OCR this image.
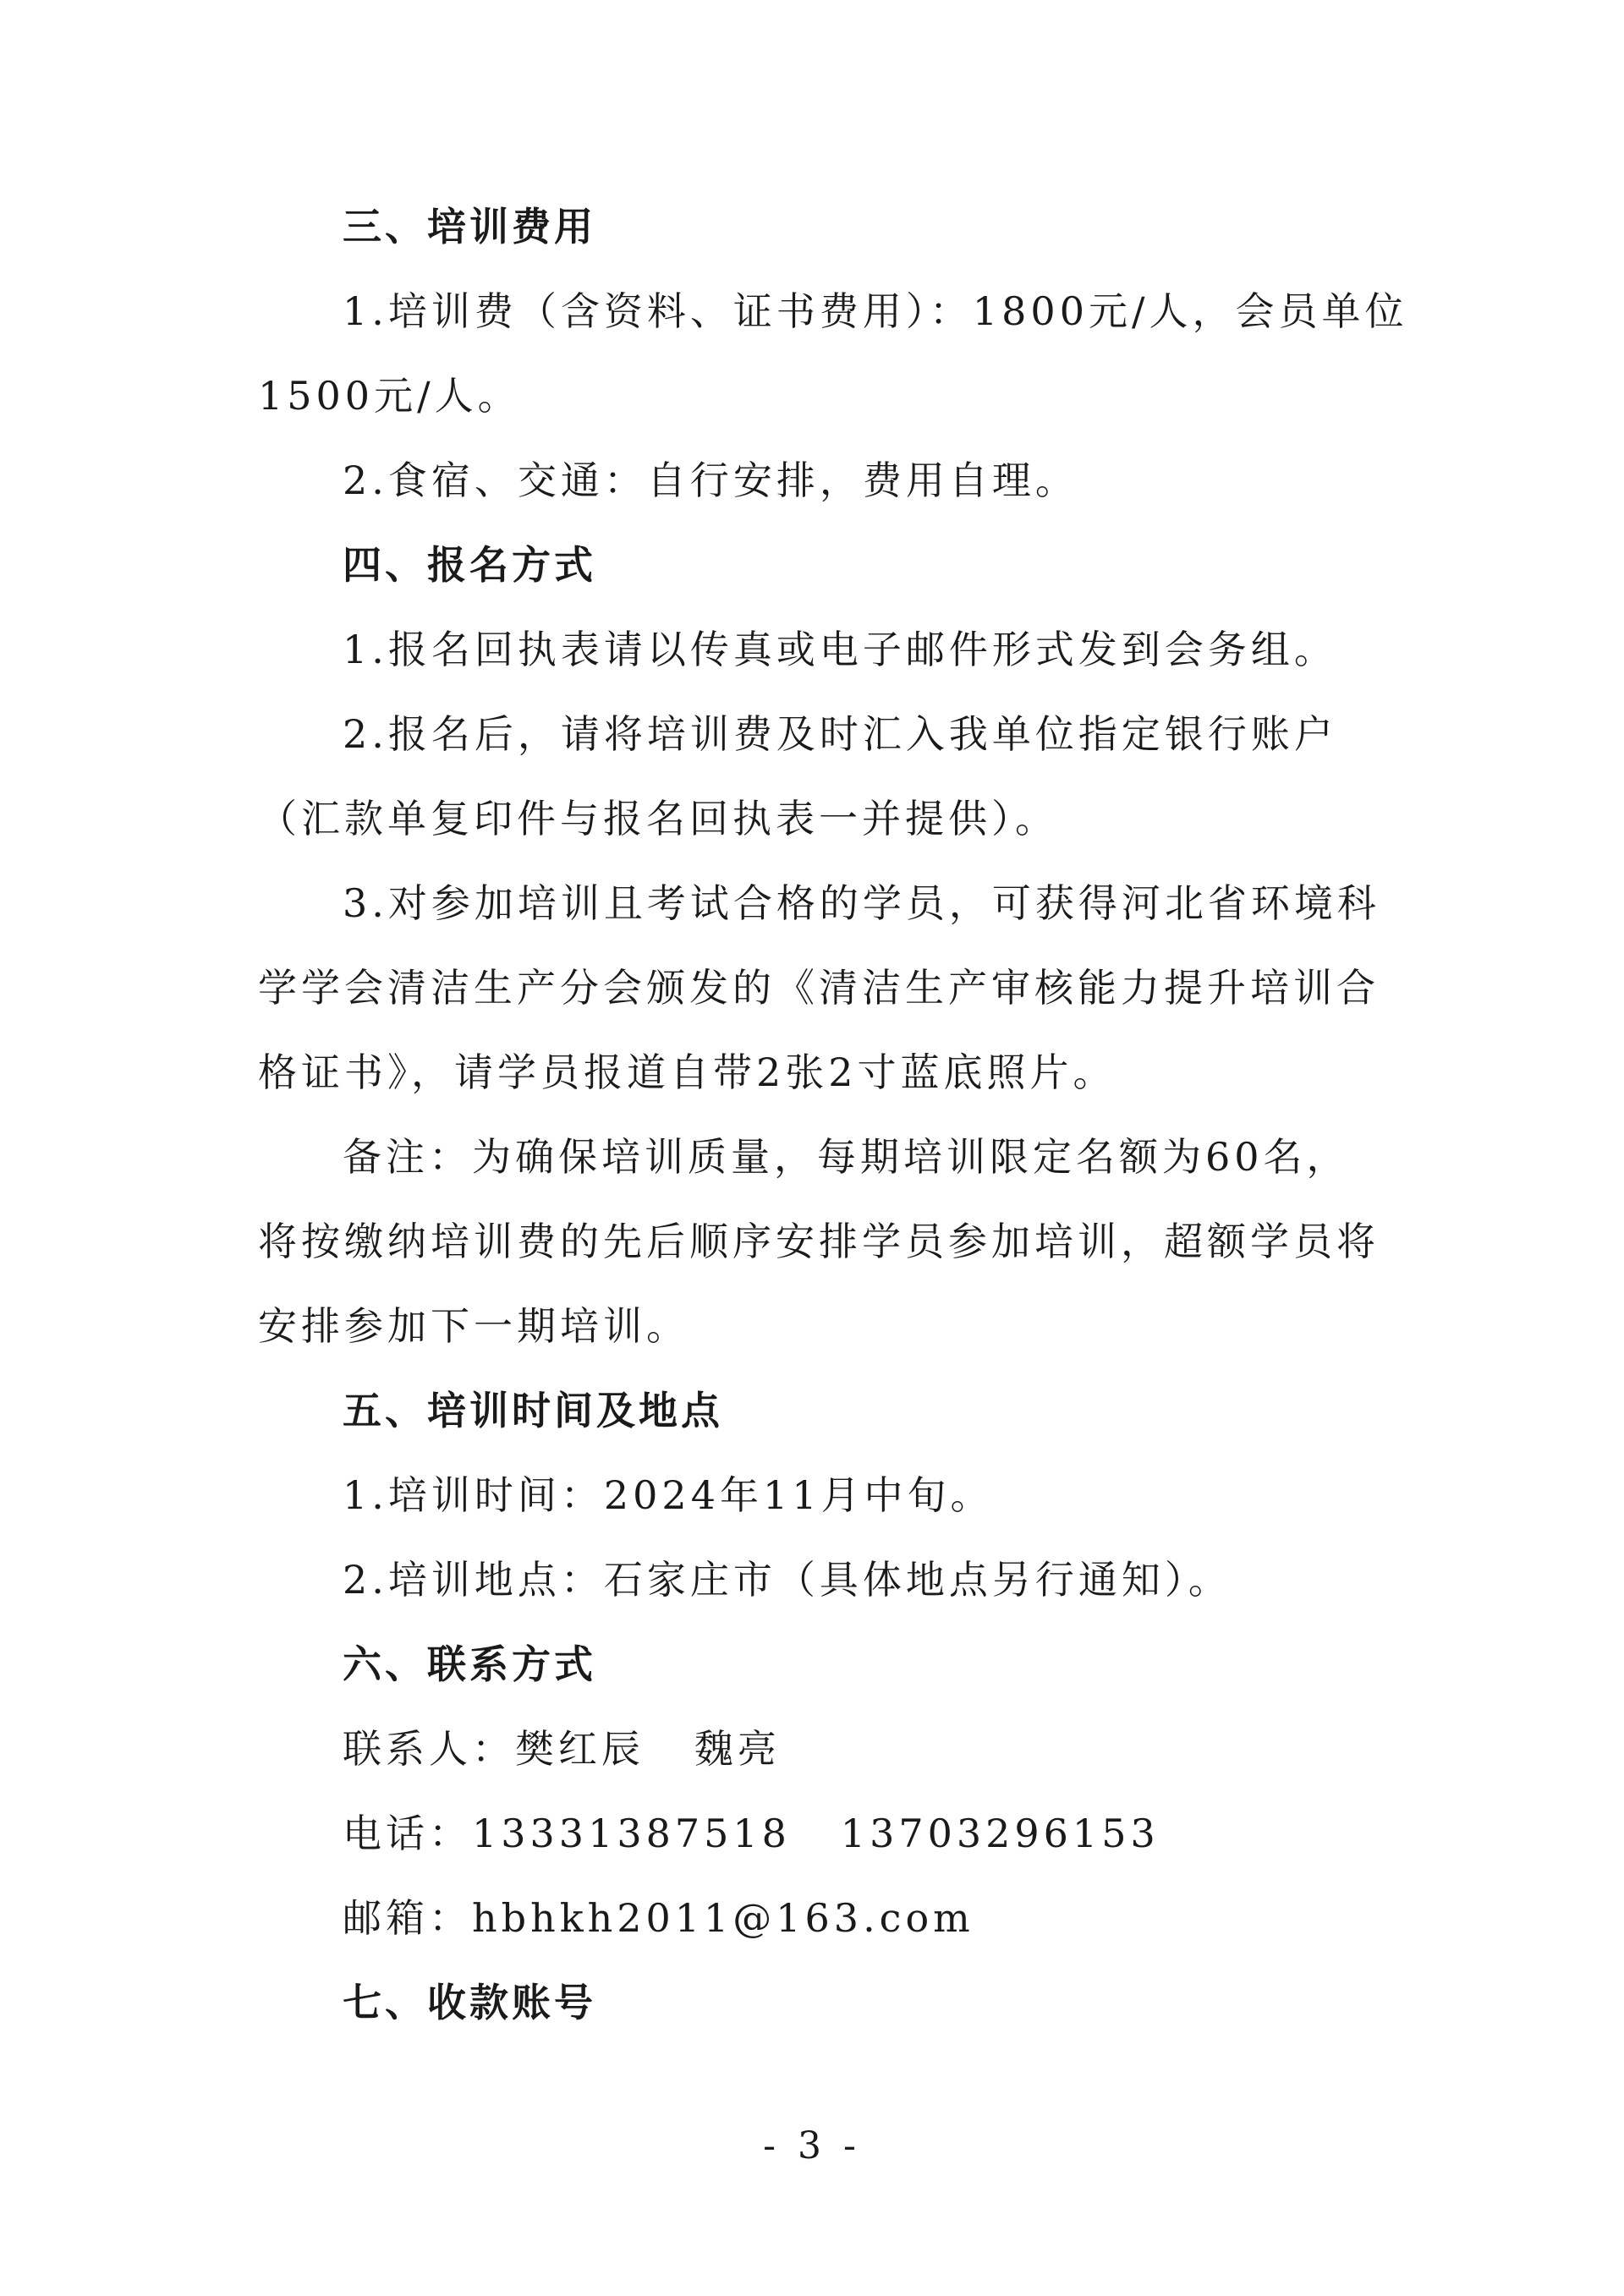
三、培训费用
1.培训费（含资料、证书费用）：1800元/人，会员单位
1500元/人。
2.食宿、交通：自行安排，费用自理。
四、报名方式
1.报名回执表请以传真或电子邮件形式发到会务组。
2.报名后，请将培训费及时汇入我单位指定银行账户
（汇款单复印件与报名回执表一并提供）。
3.对参加培训且考试合格的学员，可获得河北省环境科
学学会清洁生产分会颁发的《清洁生产审核能力提升培训合
格证书》，请学员报道自带2张2寸蓝底照片。
备注：为确保培训质量，每期培训限定名额为60名，
将按缴纳培训费的先后顺序安排学员参加培训，超额学员将
安排参加下一期培训。
五、培训时间及地点
1.培训时间：2024年11月中旬。
2.培训地点：石家庄市（具体地点另行通知）。
六、联系方式
联系人：樊红辰   魏亮
电话：13331387518   13703296153
邮箱：hbhkh2011@163.com
七、收款账号
- 3 -
